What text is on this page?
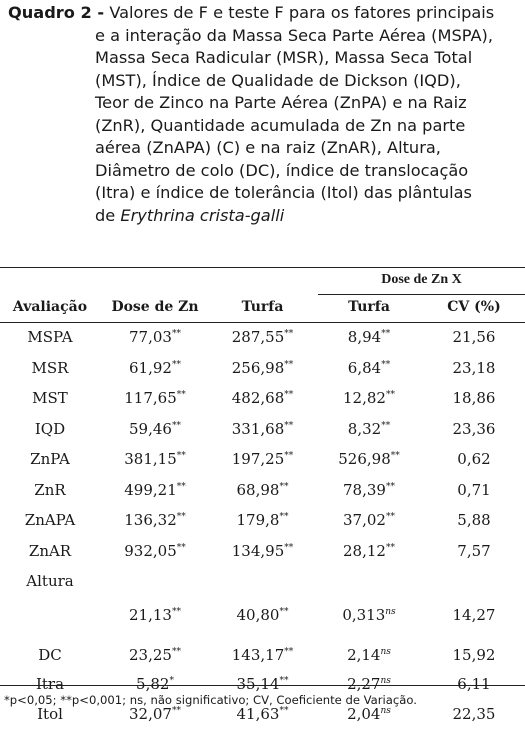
Quadro 2 - Valores de F e teste F para os fatores principais
e a interação da Massa Seca Parte Aérea (MSPA),
Massa Seca Radicular (MSR), Massa Seca Total
(MST), Índice de Qualidade de Dickson (IQD),
Teor de Zinco na Parte Aérea (ZnPA) e na Raiz
(ZnR), Quantidade acumulada de Zn na parte
aérea (ZnAPA) (C) e na raiz (ZnAR), Altura,
Diâmetro de colo (DC), índice de translocação
(Itra) e índice de tolerância (Itol) das plântulas
de Erythrina crista-galli
Dose de Zn X
Avaliação	Dose de Zn	Turfa	Turfa	CV (%)
MSPA	77,03**	287,55**	8,94**	21,56
MSR	61,92**	256,98**	6,84**	23,18
MST	117,65**	482,68**	12,82**	18,86
IQD	59,46**	331,68**	8,32**	23,36
ZnPA	381,15**	197,25**	526,98**	0,62
ZnR	499,21**	68,98**	78,39**	0,71
ZnAPA	136,32**	179,8**	37,02**	5,88
ZnAR	932,05**	134,95**	28,12**	7,57
Altura
21,13**	40,80**	$0,313^{ns}$	14,27
DC	23,25**	143,17**	$2,14^{ns}$	15,92
Itra	5,82*	35,14**	$2,27^{ns}$	6,11
Itol	32,07**	41,63**	$2,04^{ns}$	22,35
*p<0,05; **p<0,001; ns, não significativo; CV, Coeficiente de Variação.
